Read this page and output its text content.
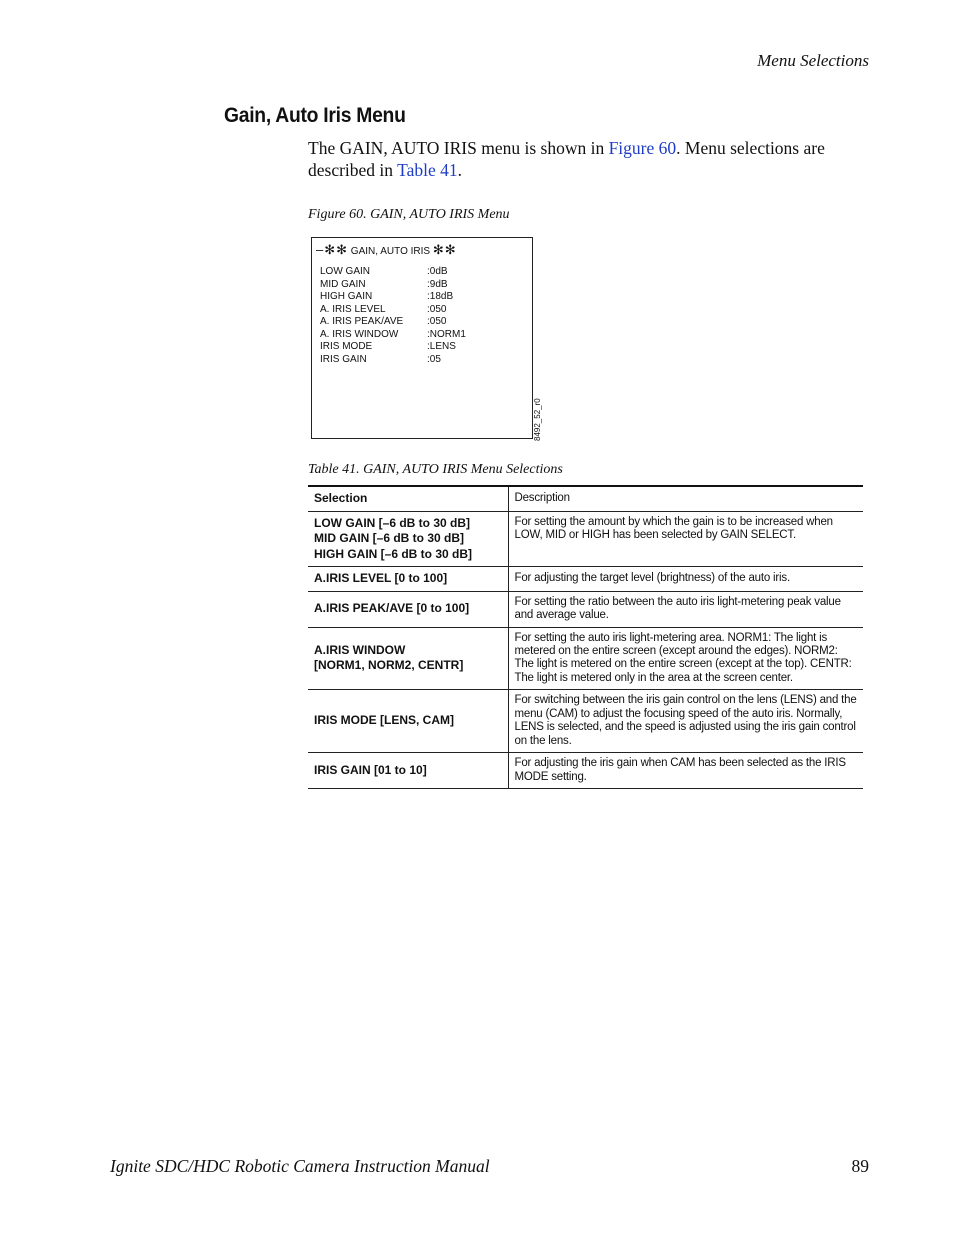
Menu Selections
Gain, Auto Iris Menu

The GAIN, AUTO IRIS menu is shown in Figure 60. Menu selections are described in Table 41.

Figure 60. GAIN, AUTO IRIS Menu
–✻✻ GAIN, AUTO IRIS ✻✻
LOW GAIN	:0dB
MID GAIN	:9dB
HIGH GAIN	:18dB
A. IRIS LEVEL	:050
A. IRIS PEAK/AVE :050
A. IRIS WINDOW	:NORM1
IRIS MODE	:LENS
IRIS GAIN	:05
8492_52_r0
Table 41. GAIN, AUTO IRIS Menu Selections
Selection	Description

LOW GAIN [–6 dB to 30 dB]
MID GAIN [–6 dB to 30 dB]
HIGH GAIN [–6 dB to 30 dB]	For setting the amount by which the gain is to be increased when LOW, MID or HIGH has been selected by GAIN SELECT.

A.IRIS LEVEL [0 to 100]	For adjusting the target level (brightness) of the auto iris.

A.IRIS PEAK/AVE [0 to 100]	For setting the ratio between the auto iris light-metering peak value and average value.

A.IRIS WINDOW
[NORM1, NORM2, CENTR]	For setting the auto iris light-metering area. NORM1: The light is metered on the entire screen (except around the edges). NORM2: The light is metered on the entire screen (except at the top). CENTR: The light is metered only in the area at the screen center.

IRIS MODE [LENS, CAM]	For switching between the iris gain control on the lens (LENS) and the menu (CAM) to adjust the focusing speed of the auto iris. Normally, LENS is selected, and the speed is adjusted using the iris gain control on the lens.

IRIS GAIN [01 to 10]	For adjusting the iris gain when CAM has been selected as the IRIS MODE setting.
Ignite SDC/HDC Robotic Camera Instruction Manual	89
